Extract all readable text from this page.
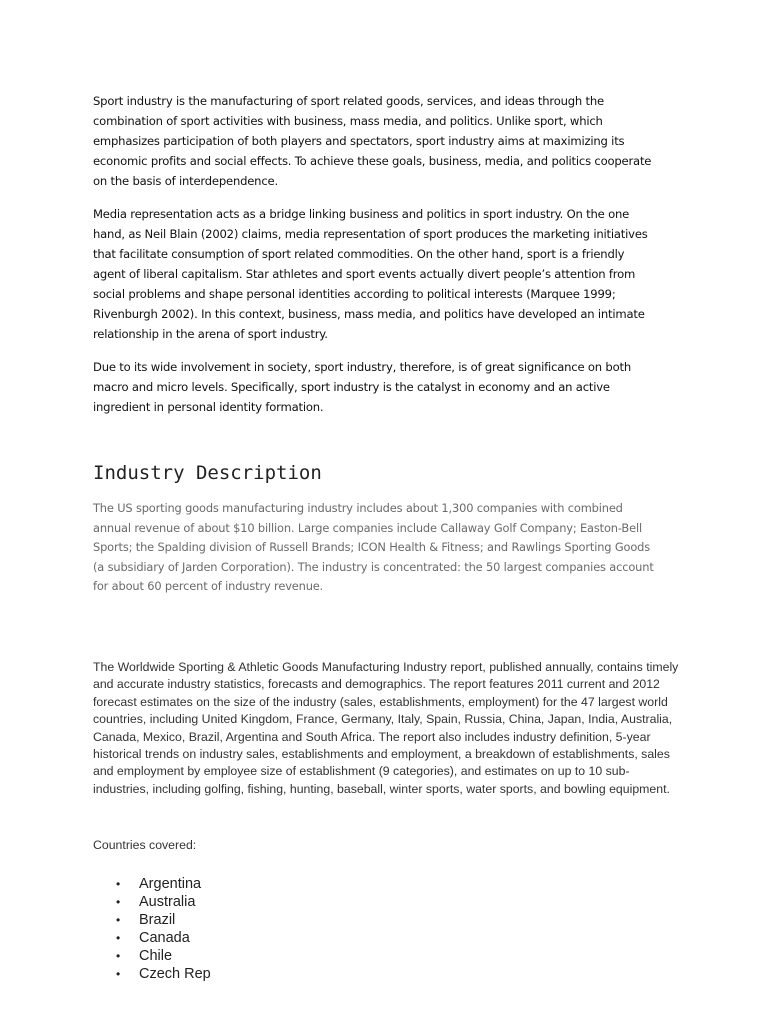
Sport industry is the manufacturing of sport related goods, services, and ideas through the combination of sport activities with business, mass media, and politics. Unlike sport, which emphasizes participation of both players and spectators, sport industry aims at maximizing its economic profits and social effects. To achieve these goals, business, media, and politics cooperate on the basis of interdependence.

Media representation acts as a bridge linking business and politics in sport industry. On the one hand, as Neil Blain (2002) claims, media representation of sport produces the marketing initiatives that facilitate consumption of sport related commodities. On the other hand, sport is a friendly agent of liberal capitalism. Star athletes and sport events actually divert people’s attention from social problems and shape personal identities according to political interests (Marquee 1999; Rivenburgh 2002). In this context, business, mass media, and politics have developed an intimate relationship in the arena of sport industry.

Due to its wide involvement in society, sport industry, therefore, is of great significance on both macro and micro levels. Specifically, sport industry is the catalyst in economy and an active ingredient in personal identity formation.

Industry Description

The US sporting goods manufacturing industry includes about 1,300 companies with combined annual revenue of about $10 billion. Large companies include Callaway Golf Company; Easton-Bell Sports; the Spalding division of Russell Brands; ICON Health & Fitness; and Rawlings Sporting Goods (a subsidiary of Jarden Corporation). The industry is concentrated: the 50 largest companies account for about 60 percent of industry revenue.

The Worldwide Sporting & Athletic Goods Manufacturing Industry report, published annually, contains timely and accurate industry statistics, forecasts and demographics. The report features 2011 current and 2012 forecast estimates on the size of the industry (sales, establishments, employment) for the 47 largest world countries, including United Kingdom, France, Germany, Italy, Spain, Russia, China, Japan, India, Australia, Canada, Mexico, Brazil, Argentina and South Africa. The report also includes industry definition, 5-year historical trends on industry sales, establishments and employment, a breakdown of establishments, sales and employment by employee size of establishment (9 categories), and estimates on up to 10 sub-industries, including golfing, fishing, hunting, baseball, winter sports, water sports, and bowling equipment.

Countries covered:

• Argentina
• Australia
• Brazil
• Canada
• Chile
• Czech Rep
